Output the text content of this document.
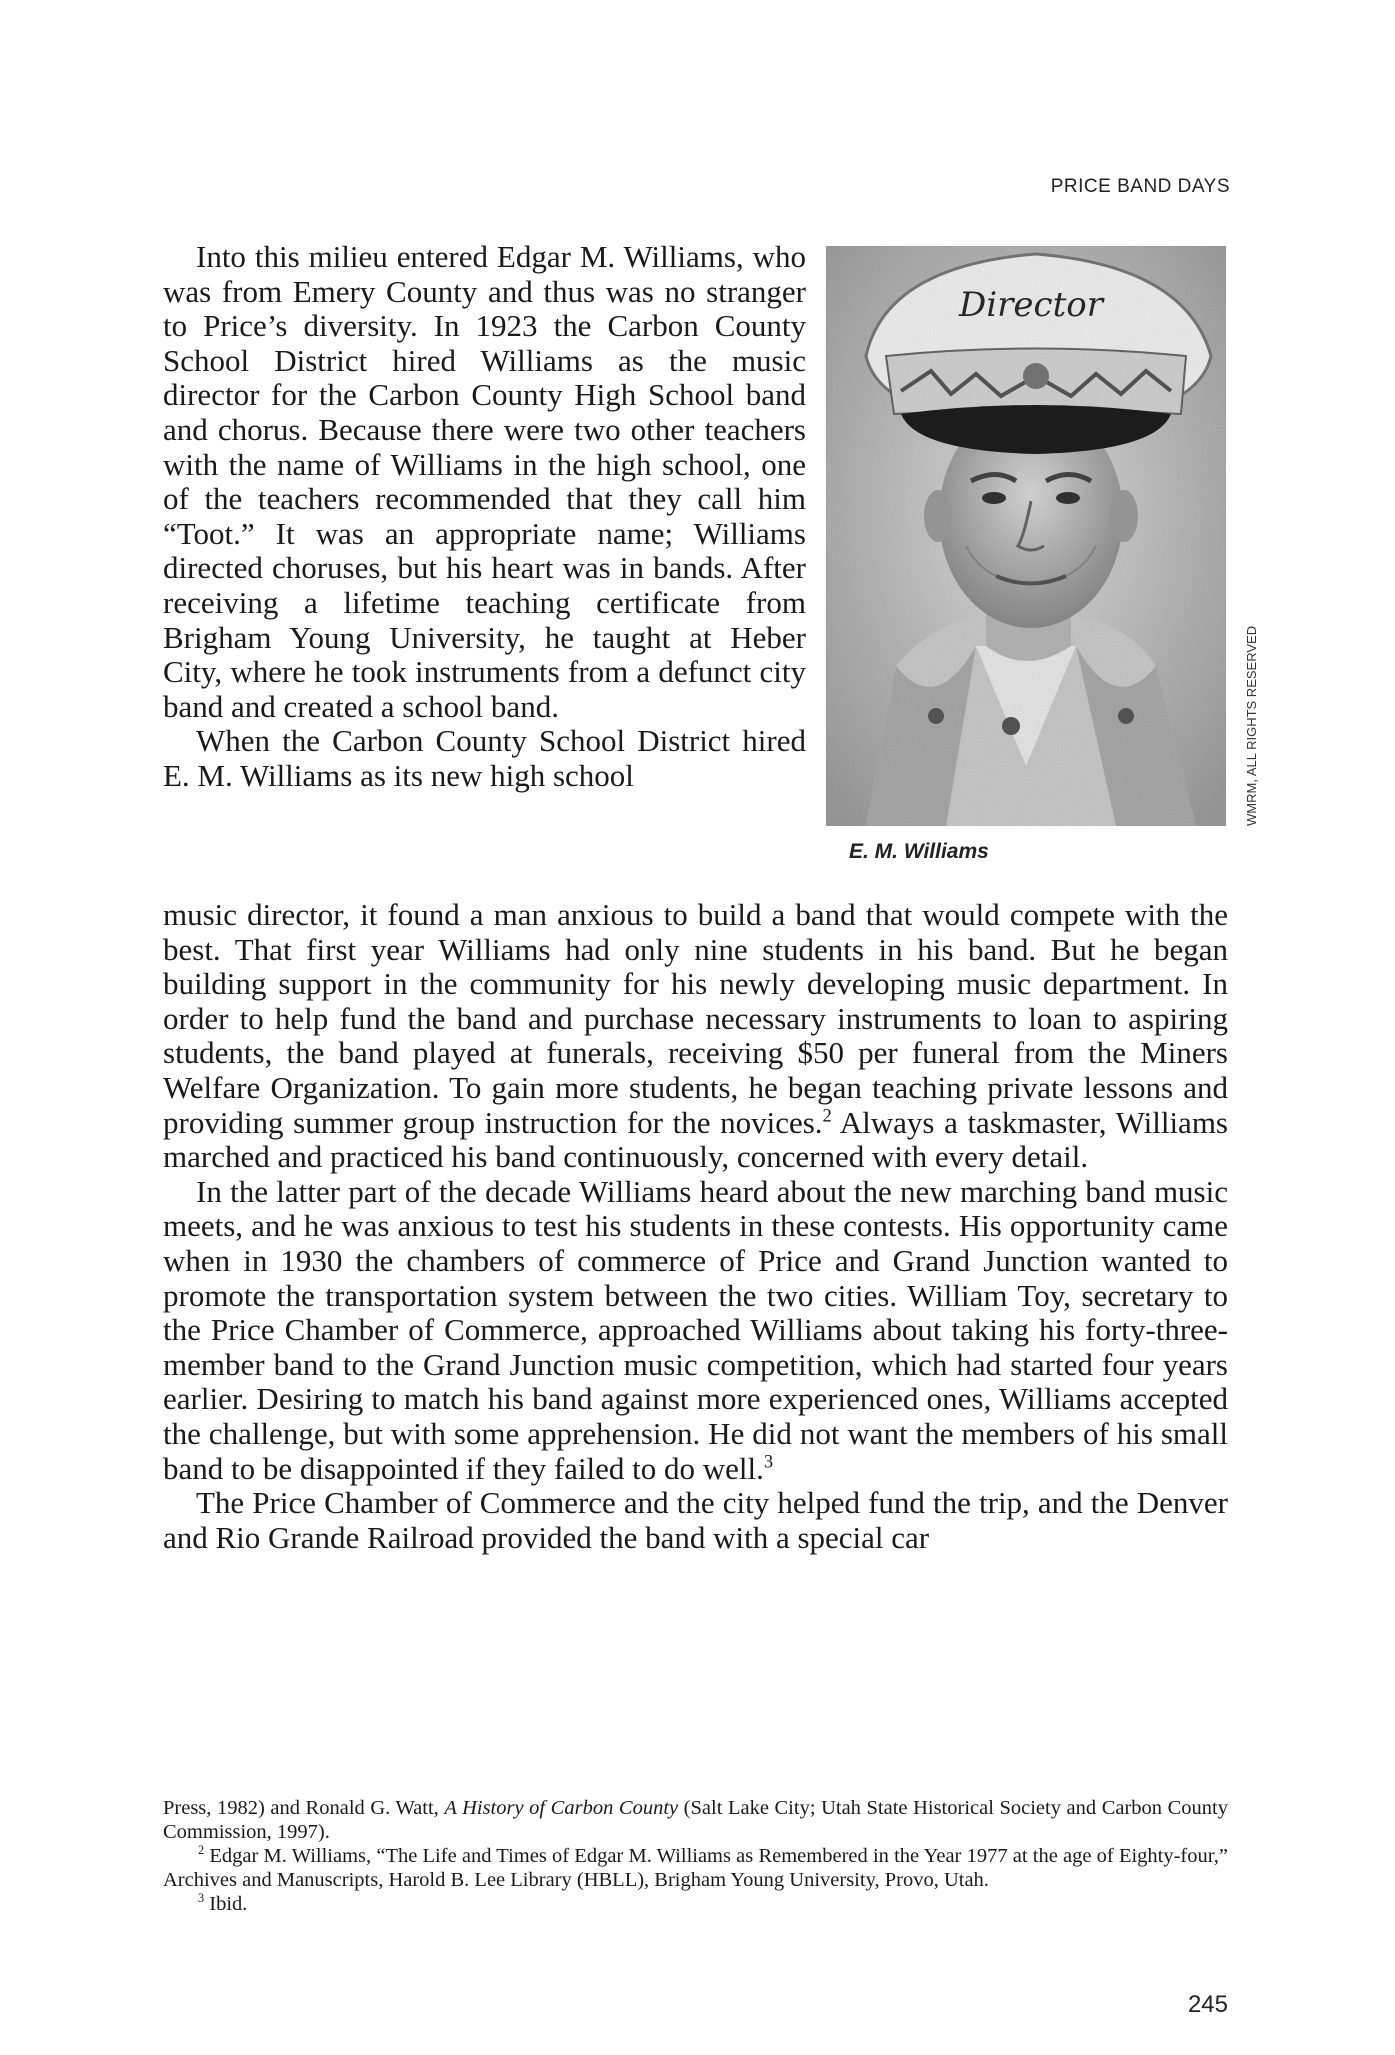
PRICE BAND DAYS

Into this milieu entered Edgar M. Williams, who was from Emery County and thus was no stranger to Price’s diversity. In 1923 the Carbon County School District hired Williams as the music director for the Carbon County High School band and chorus. Because there were two other teachers with the name of Williams in the high school, one of the teachers recommended that they call him “Toot.” It was an appropriate name; Williams directed choruses, but his heart was in bands. After receiving a lifetime teaching certificate from Brigham Young University, he taught at Heber City, where he took instruments from a defunct city band and created a school band.

When the Carbon County School District hired E. M. Williams as its new high school

Director
WMRM, ALL RIGHTS RESERVED
E. M. Williams

music director, it found a man anxious to build a band that would compete with the best. That first year Williams had only nine students in his band. But he began building support in the community for his newly developing music department. In order to help fund the band and purchase necessary instruments to loan to aspiring students, the band played at funerals, receiving $50 per funeral from the Miners Welfare Organization. To gain more students, he began teaching private lessons and providing summer group instruction for the novices.$^2$ Always a taskmaster, Williams marched and practiced his band continuously, concerned with every detail.

In the latter part of the decade Williams heard about the new marching band music meets, and he was anxious to test his students in these contests. His opportunity came when in 1930 the chambers of commerce of Price and Grand Junction wanted to promote the transportation system between the two cities. William Toy, secretary to the Price Chamber of Commerce, approached Williams about taking his forty-three-member band to the Grand Junction music competition, which had started four years earlier. Desiring to match his band against more experienced ones, Williams accepted the challenge, but with some apprehension. He did not want the members of his small band to be disappointed if they failed to do well.$^3$

The Price Chamber of Commerce and the city helped fund the trip, and the Denver and Rio Grande Railroad provided the band with a special car

Press, 1982) and Ronald G. Watt, A History of Carbon County (Salt Lake City; Utah State Historical Society and Carbon County Commission, 1997).

$^2$ Edgar M. Williams, “The Life and Times of Edgar M. Williams as Remembered in the Year 1977 at the age of Eighty-four,” Archives and Manuscripts, Harold B. Lee Library (HBLL), Brigham Young University, Provo, Utah.

$^3$ Ibid.

245
